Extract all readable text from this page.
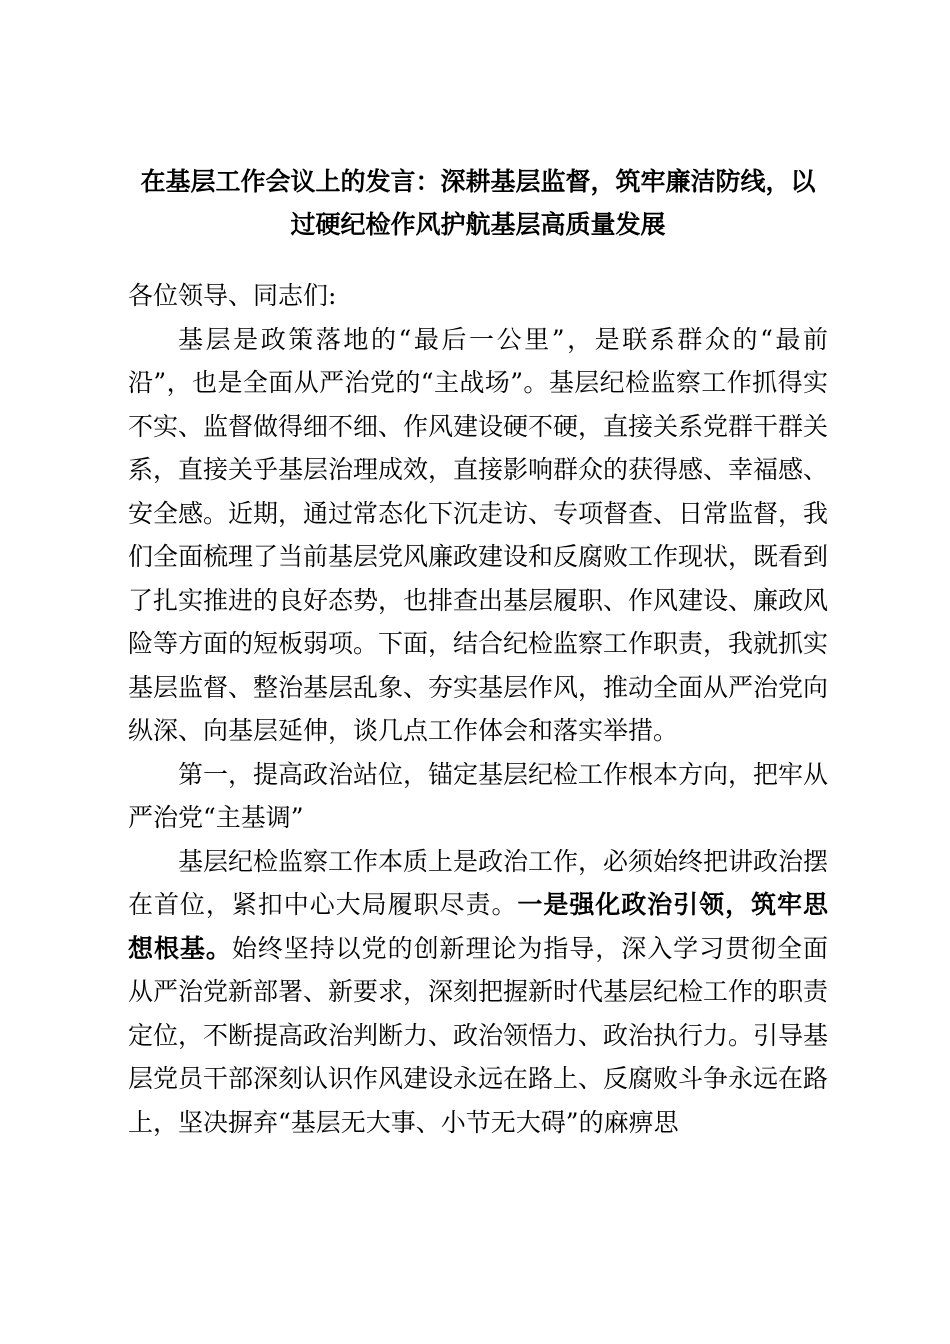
在基层工作会议上的发言：深耕基层监督，筑牢廉洁防线，以
过硬纪检作风护航基层高质量发展

各位领导、同志们:

基层是政策落地的“最后一公里”，是联系群众的“最前沿”，也是全面从严治党的“主战场”。基层纪检监察工作抓得实不实、监督做得细不细、作风建设硬不硬，直接关系党群干群关系，直接关乎基层治理成效，直接影响群众的获得感、幸福感、安全感。近期，通过常态化下沉走访、专项督查、日常监督，我们全面梳理了当前基层党风廉政建设和反腐败工作现状，既看到了扎实推进的良好态势，也排查出基层履职、作风建设、廉政风险等方面的短板弱项。下面，结合纪检监察工作职责，我就抓实基层监督、整治基层乱象、夯实基层作风，推动全面从严治党向纵深、向基层延伸，谈几点工作体会和落实举措。

第一，提高政治站位，锚定基层纪检工作根本方向，把牢从严治党“主基调”

基层纪检监察工作本质上是政治工作，必须始终把讲政治摆在首位，紧扣中心大局履职尽责。一是强化政治引领，筑牢思想根基。始终坚持以党的创新理论为指导，深入学习贯彻全面从严治党新部署、新要求，深刻把握新时代基层纪检工作的职责定位，不断提高政治判断力、政治领悟力、政治执行力。引导基层党员干部深刻认识作风建设永远在路上、反腐败斗争永远在路上，坚决摒弃“基层无大事、小节无大碍”的麻痹思
